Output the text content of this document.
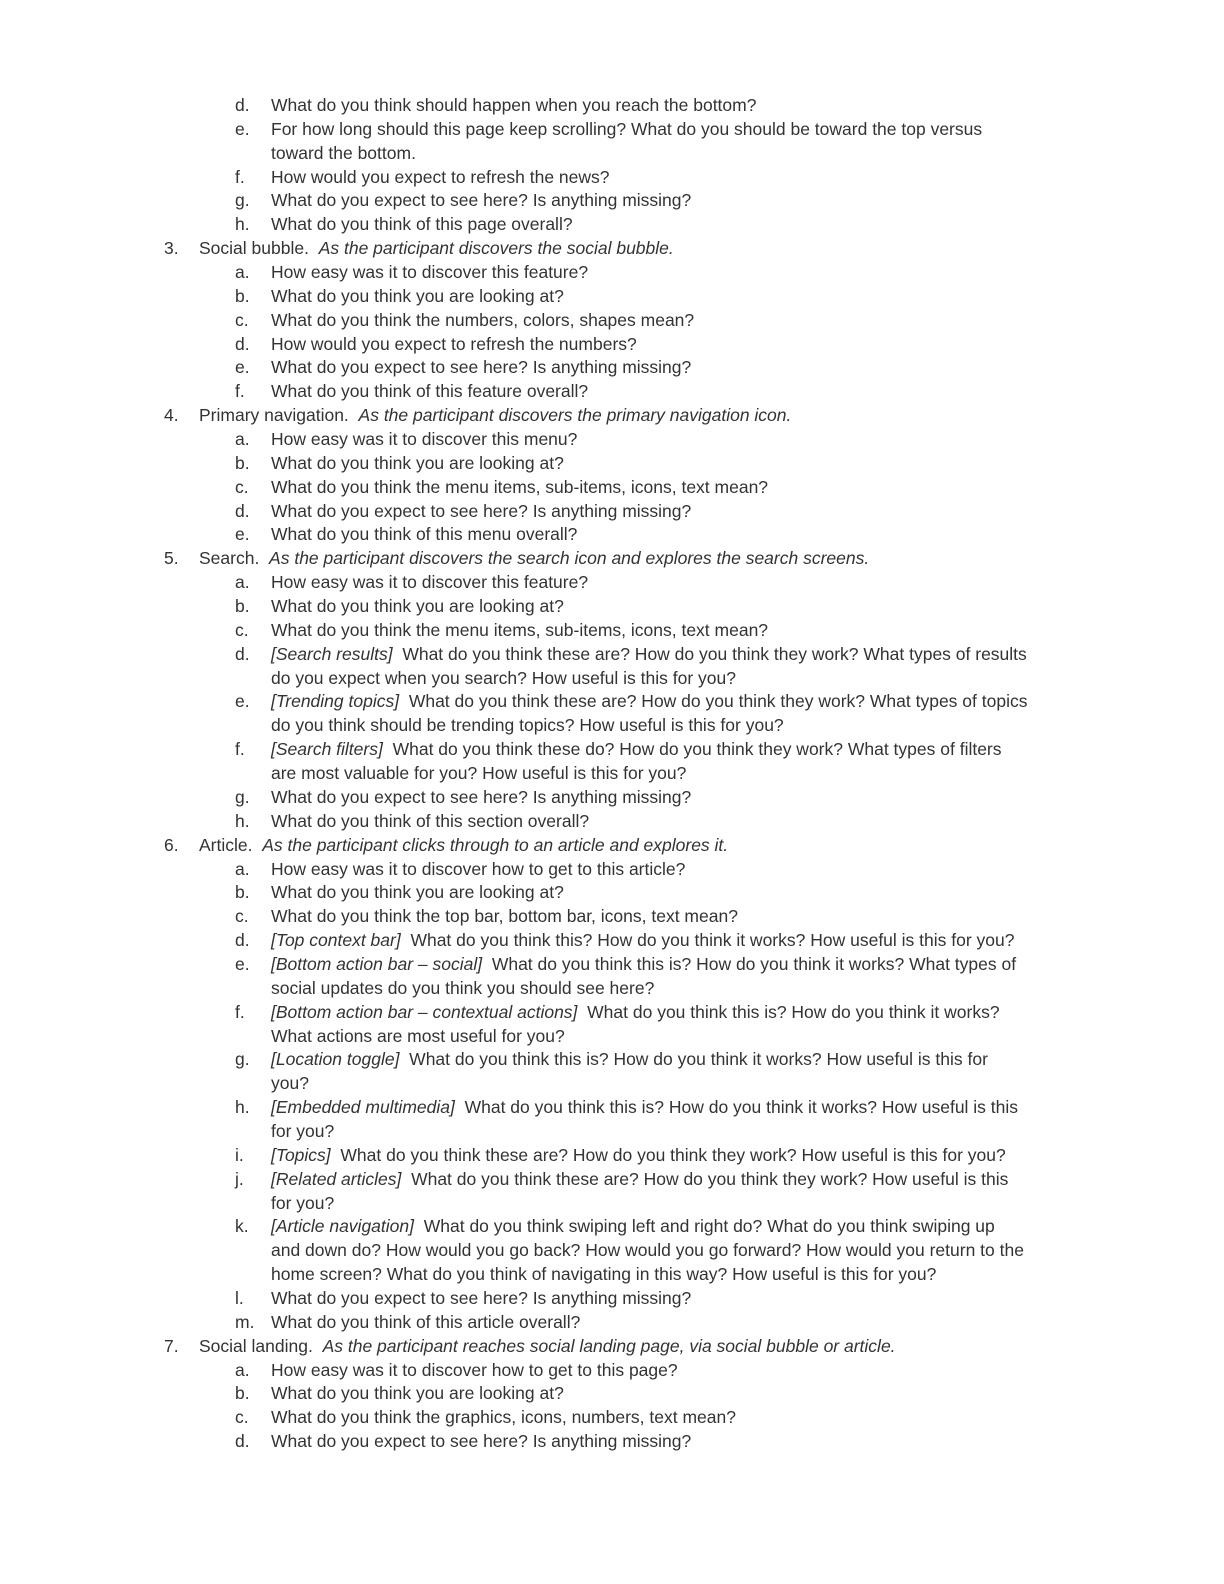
d. What do you think should happen when you reach the bottom?
e. For how long should this page keep scrolling? What do you should be toward the top versus
toward the bottom.
f. How would you expect to refresh the news?
g. What do you expect to see here? Is anything missing?
h. What do you think of this page overall?
3. Social bubble. As the participant discovers the social bubble.
a. How easy was it to discover this feature?
b. What do you think you are looking at?
c. What do you think the numbers, colors, shapes mean?
d. How would you expect to refresh the numbers?
e. What do you expect to see here? Is anything missing?
f. What do you think of this feature overall?
4. Primary navigation. As the participant discovers the primary navigation icon.
a. How easy was it to discover this menu?
b. What do you think you are looking at?
c. What do you think the menu items, sub-items, icons, text mean?
d. What do you expect to see here? Is anything missing?
e. What do you think of this menu overall?
5. Search. As the participant discovers the search icon and explores the search screens.
a. How easy was it to discover this feature?
b. What do you think you are looking at?
c. What do you think the menu items, sub-items, icons, text mean?
d. [Search results] What do you think these are? How do you think they work? What types of results
do you expect when you search? How useful is this for you?
e. [Trending topics] What do you think these are? How do you think they work? What types of topics
do you think should be trending topics? How useful is this for you?
f. [Search filters] What do you think these do? How do you think they work? What types of filters
are most valuable for you? How useful is this for you?
g. What do you expect to see here? Is anything missing?
h. What do you think of this section overall?
6. Article. As the participant clicks through to an article and explores it.
a. How easy was it to discover how to get to this article?
b. What do you think you are looking at?
c. What do you think the top bar, bottom bar, icons, text mean?
d. [Top context bar] What do you think this? How do you think it works? How useful is this for you?
e. [Bottom action bar – social] What do you think this is? How do you think it works? What types of
social updates do you think you should see here?
f. [Bottom action bar – contextual actions] What do you think this is? How do you think it works?
What actions are most useful for you?
g. [Location toggle] What do you think this is? How do you think it works? How useful is this for
you?
h. [Embedded multimedia] What do you think this is? How do you think it works? How useful is this
for you?
i. [Topics] What do you think these are? How do you think they work? How useful is this for you?
j. [Related articles] What do you think these are? How do you think they work? How useful is this
for you?
k. [Article navigation] What do you think swiping left and right do? What do you think swiping up
and down do? How would you go back? How would you go forward? How would you return to the
home screen? What do you think of navigating in this way? How useful is this for you?
l. What do you expect to see here? Is anything missing?
m. What do you think of this article overall?
7. Social landing. As the participant reaches social landing page, via social bubble or article.
a. How easy was it to discover how to get to this page?
b. What do you think you are looking at?
c. What do you think the graphics, icons, numbers, text mean?
d. What do you expect to see here? Is anything missing?
